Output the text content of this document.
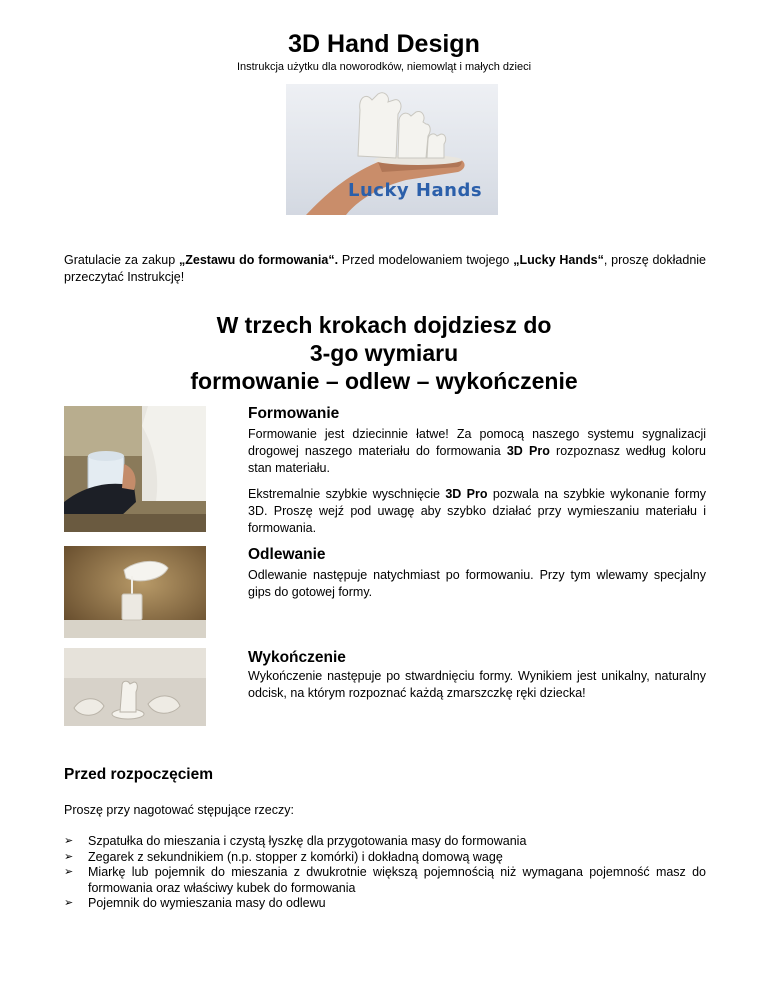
3D Hand Design
Instrukcja użytku dla noworodków, niemowląt i małych dzieci
Lucky Hands
Gratulacie za zakup „Zestawu do formowania“. Przed modelowaniem twojego „Lucky Hands“, proszę dokładnie przeczytać Instrukcję!
W trzech krokach dojdziesz do
3-go wymiaru
formowanie – odlew – wykończenie
Formowanie
Formowanie jest dziecinnie łatwe! Za pomocą naszego systemu sygnalizacji drogowej naszego materiału do formowania 3D Pro rozpoznasz według koloru stan materiału.
Ekstremalnie szybkie wyschnięcie 3D Pro pozwala na szybkie wykonanie formy 3D. Proszę wejź pod uwagę aby szybko działać przy wymieszaniu materiału i formowania.
Odlewanie
Odlewanie następuje natychmiast po formowaniu. Przy tym wlewamy specjalny gips do gotowej formy.
Wykończenie
Wykończenie następuje po stwardnięciu formy. Wynikiem jest unikalny, naturalny odcisk, na którym rozpoznać każdą zmarszczkę ręki dziecka!
Przed rozpoczęciem
Proszę przy nagotować stępujące rzeczy:
➢ Szpatułka do mieszania i czystą łyszkę dla przygotowania masy do formowania
➢ Zegarek z sekundnikiem (n.p. stopper z komórki) i dokładną domową wagę
➢ Miarkę lub pojemnik do mieszania z dwukrotnie większą pojemnością niż wymagana pojemność masz do formowania oraz właściwy kubek do formowania
➢ Pojemnik do wymieszania masy do odlewu
